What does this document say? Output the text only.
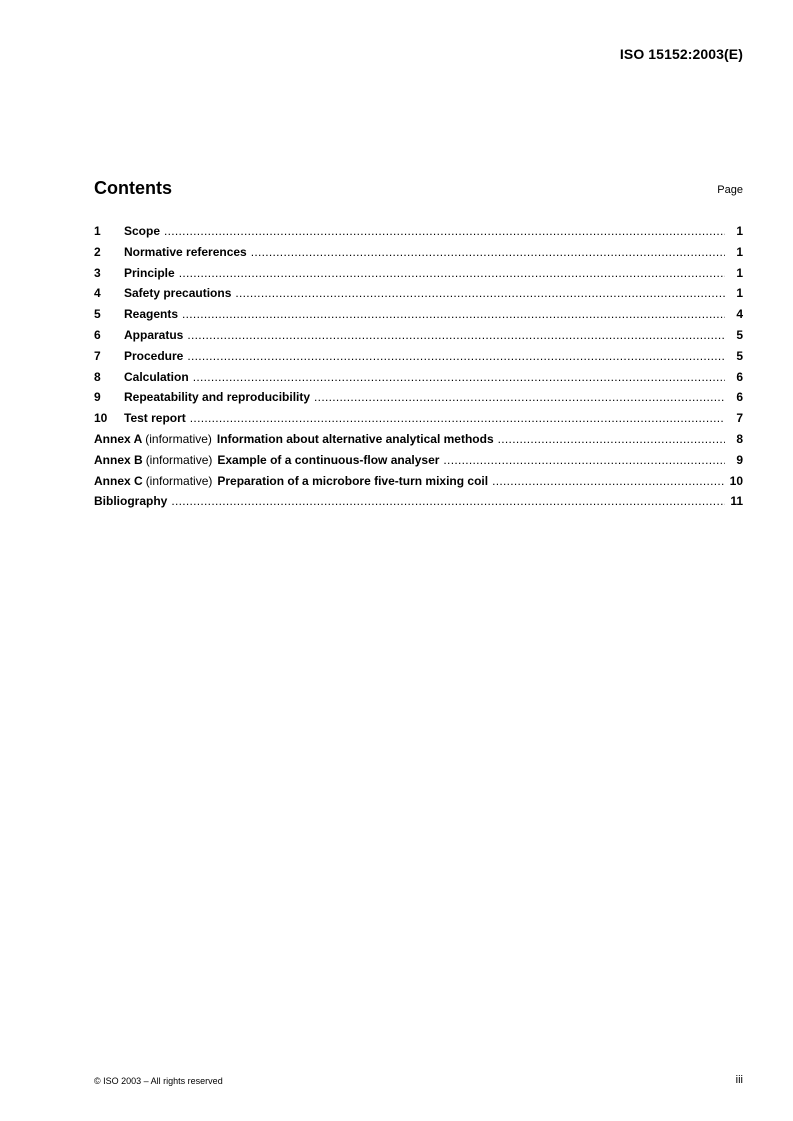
ISO 15152:2003(E)
Contents	Page
1	Scope .....	1
2	Normative references .....	1
3	Principle .....	1
4	Safety precautions .....	1
5	Reagents .....	4
6	Apparatus .....	5
7	Procedure .....	5
8	Calculation .....	6
9	Repeatability and reproducibility .....	6
10	Test report .....	7
Annex A (informative) Information about alternative analytical methods .....	8
Annex B (informative) Example of a continuous-flow analyser .....	9
Annex C (informative) Preparation of a microbore five-turn mixing coil .....	10
Bibliography .....	11
© ISO 2003 – All rights reserved	iii
